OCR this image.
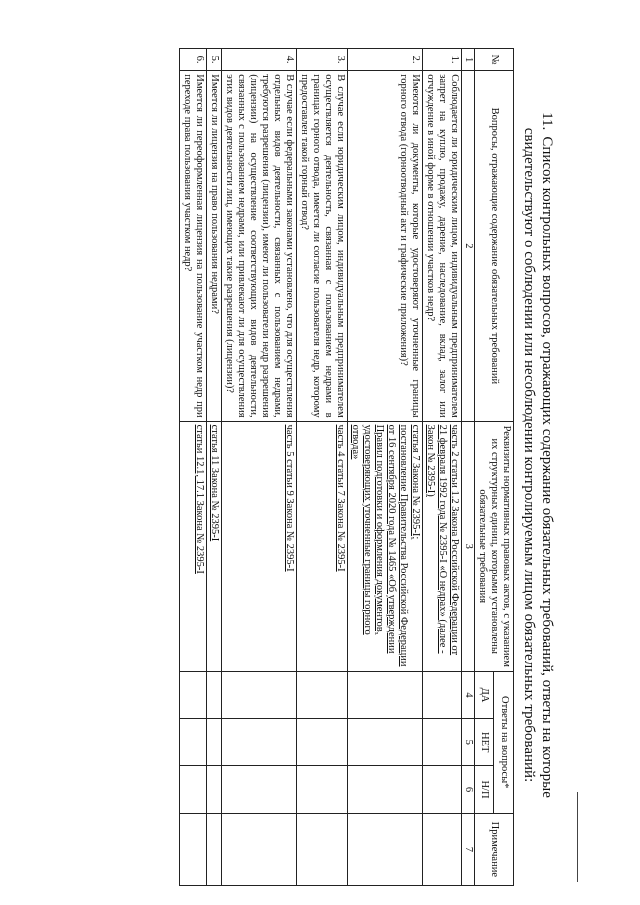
11.Список контрольных вопросов, отражающих содержание обязательных требований, ответы на которые свидетельствуют о соблюдении или несоблюдении контролируемым лицом обязательных требований:
№	Вопросы, отражающие содержание обязательных требований	Реквизиты нормативных правовых актов, с указанием их структурных единиц, которыми установлены обязательные требования	Ответы на вопросы*			Примечание
			ДА	НЕТ	Н/П	
1	2	3	4	5	6	7
1.	Соблюдается ли юридическим лицом, индивидуальным предпринимателем запрет на куплю, продажу, дарение, наследование, вклад, залог или отчуждение в иной форме в отношении участков недр?	часть 2 статьи 1.2 Закона Российской Федерации от 21 февраля 1992 года № 2395-I «О недрах» (далее - Закон № 2395-I)				

2.	Имеются ли документы, которые удостоверяют уточненные границы горного отвода (горноотводный акт и графические приложения)?	статья 7 Закона № 2395-I;
постановление Правительства Российской Федерации от 16 сентября 2020 года № 1465 «Об утверждении Правил подготовки и оформления документов, удостоверяющих уточненные границы горного отвода»				

3.	В случае если юридическим лицом, индивидуальным предпринимателем осуществляется деятельность, связанная с пользованием недрами в границах горного отвода, имеется ли согласие пользователя недр, которому предоставлен такой горный отвод?	часть 4 статьи 7 Закона № 2395-I				

4.	В случае если федеральными законами установлено, что для осуществления отдельных видов деятельности, связанных с пользованием недрами, требуются разрешения (лицензии), имеют ли пользователи недр разрешения (лицензии) на осуществление соответствующих видов деятельности, связанных с пользованием недрами, или привлекают ли для осуществления этих видов деятельности лиц, имеющих такие разрешения (лицензии)?	часть 5 статьи 9 Закона № 2395-I				

5.	Имеется ли лицензия на право пользования недрами?	статья 11 Закона № 2395-I				

6.	Имеется ли переоформленная лицензия на пользование участком недр при переходе права пользования участком недр?	статьи 12.1, 17.1 Закона № 2395-I				
